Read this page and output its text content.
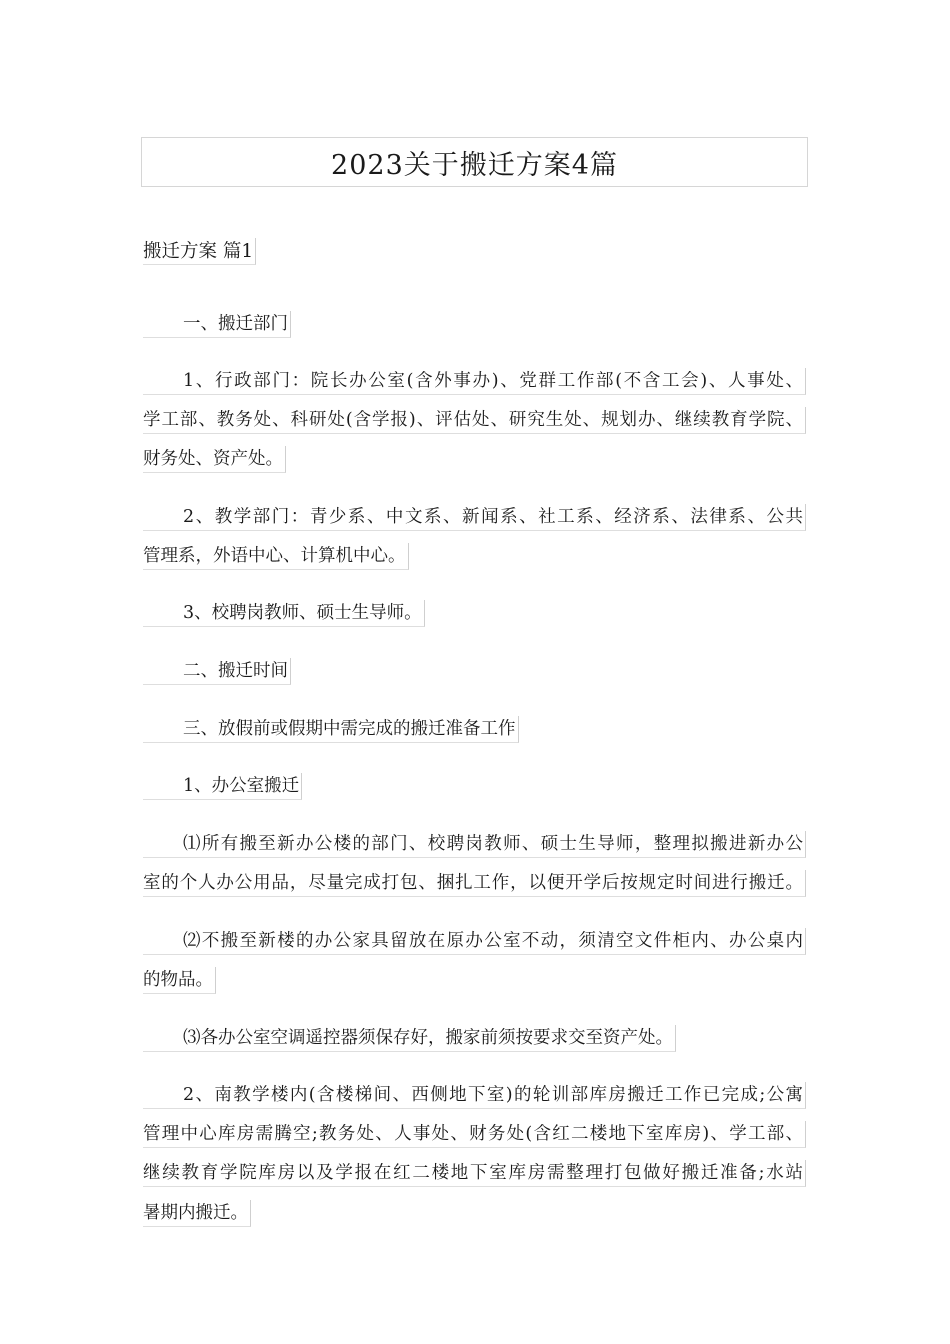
2023关于搬迁方案4篇
搬迁方案 篇1
一、搬迁部门
1、行政部门：院长办公室(含外事办)、党群工作部(不含工会)、人事处、
学工部、教务处、科研处(含学报)、评估处、研究生处、规划办、继续教育学院、
财务处、资产处。
2、教学部门：青少系、中文系、新闻系、社工系、经济系、法律系、公共
管理系，外语中心、计算机中心。
3、校聘岗教师、硕士生导师。
二、搬迁时间
三、放假前或假期中需完成的搬迁准备工作
1、办公室搬迁
⑴所有搬至新办公楼的部门、校聘岗教师、硕士生导师，整理拟搬进新办公
室的个人办公用品，尽量完成打包、捆扎工作，以便开学后按规定时间进行搬迁。
⑵不搬至新楼的办公家具留放在原办公室不动，须清空文件柜内、办公桌内
的物品。
⑶各办公室空调遥控器须保存好，搬家前须按要求交至资产处。
2、南教学楼内(含楼梯间、西侧地下室)的轮训部库房搬迁工作已完成;公寓
管理中心库房需腾空;教务处、人事处、财务处(含红二楼地下室库房)、学工部、
继续教育学院库房以及学报在红二楼地下室库房需整理打包做好搬迁准备;水站
暑期内搬迁。
